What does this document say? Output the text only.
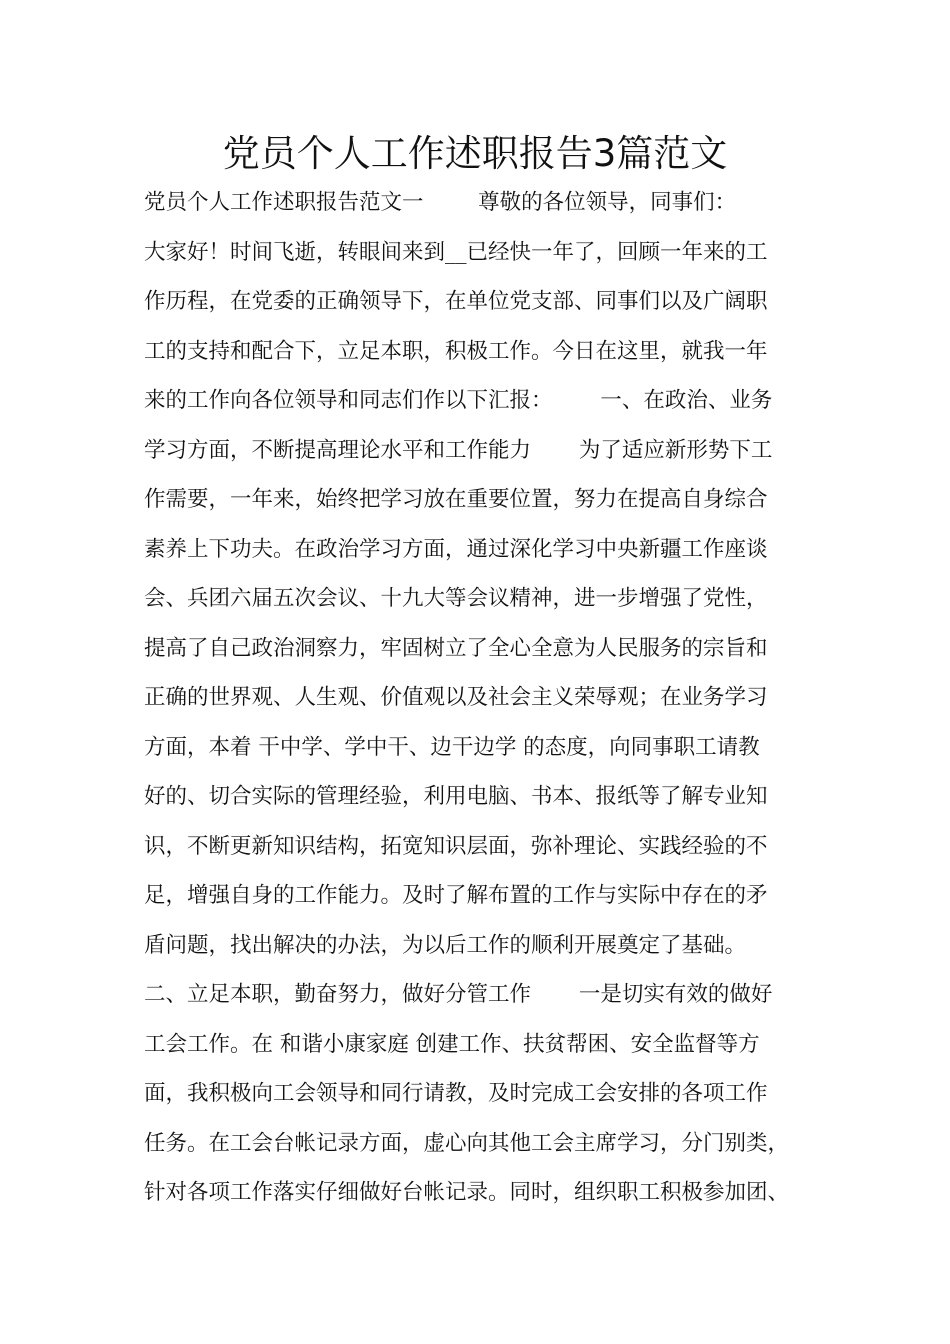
党员个人工作述职报告3篇范文
党员个人工作述职报告范文一        尊敬的各位领导，同事们：
大家好！时间飞逝，转眼间来到__已经快一年了，回顾一年来的工
作历程，在党委的正确领导下，在单位党支部、同事们以及广阔职
工的支持和配合下，立足本职，积极工作。今日在这里，就我一年
来的工作向各位领导和同志们作以下汇报：       一、在政治、业务
学习方面，不断提高理论水平和工作能力       为了适应新形势下工
作需要，一年来，始终把学习放在重要位置，努力在提高自身综合
素养上下功夫。在政治学习方面，通过深化学习中央新疆工作座谈
会、兵团六届五次会议、十九大等会议精神，进一步增强了党性，
提高了自己政治洞察力，牢固树立了全心全意为人民服务的宗旨和
正确的世界观、人生观、价值观以及社会主义荣辱观；在业务学习
方面，本着 干中学、学中干、边干边学 的态度，向同事职工请教
好的、切合实际的管理经验，利用电脑、书本、报纸等了解专业知
识，不断更新知识结构，拓宽知识层面，弥补理论、实践经验的不
足，增强自身的工作能力。及时了解布置的工作与实际中存在的矛
盾问题，找出解决的办法，为以后工作的顺利开展奠定了基础。
二、立足本职，勤奋努力，做好分管工作       一是切实有效的做好
工会工作。在 和谐小康家庭 创建工作、扶贫帮困、安全监督等方
面，我积极向工会领导和同行请教，及时完成工会安排的各项工作
任务。在工会台帐记录方面，虚心向其他工会主席学习，分门别类，
针对各项工作落实仔细做好台帐记录。同时，组织职工积极参加团、
